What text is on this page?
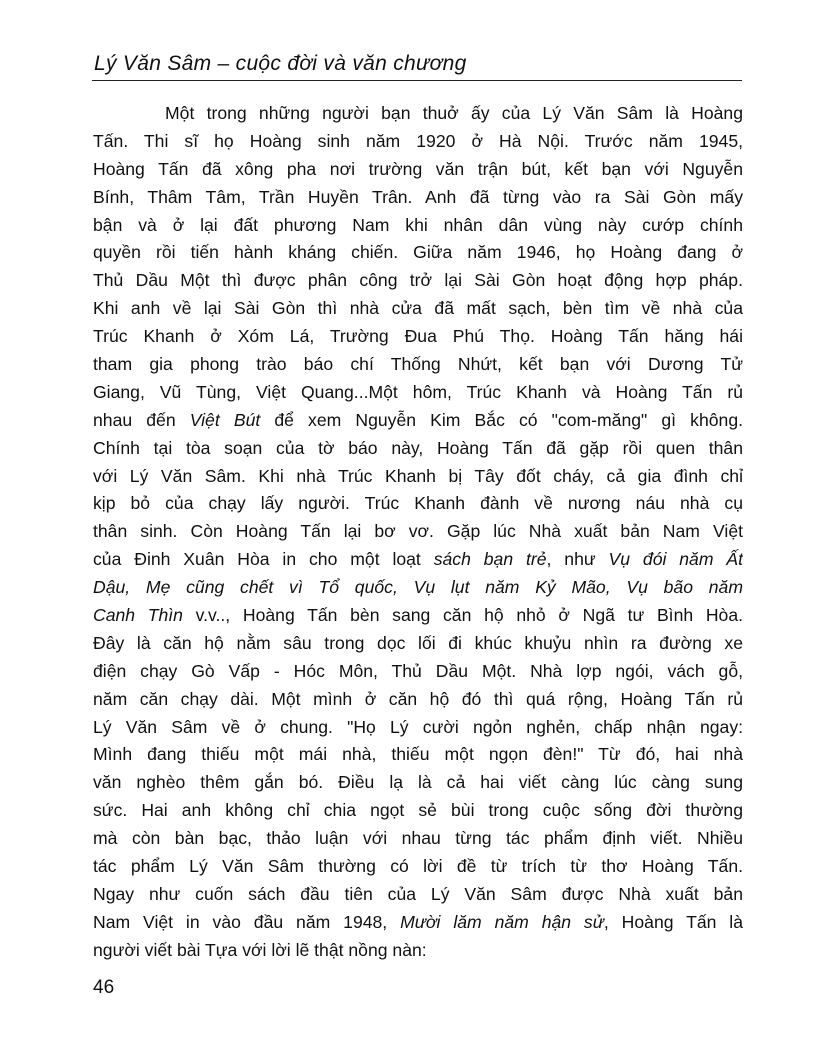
Lý Văn Sâm – cuộc đời và văn chương
Một trong những người bạn thuở ấy của Lý Văn Sâm là Hoàng
Tấn. Thi sĩ họ Hoàng sinh năm 1920 ở Hà Nội. Trước năm 1945,
Hoàng Tấn đã xông pha nơi trường văn trận bút, kết bạn với Nguyễn
Bính, Thâm Tâm, Trần Huyền Trân. Anh đã từng vào ra Sài Gòn mấy
bận và ở lại đất phương Nam khi nhân dân vùng này cướp chính
quyền rồi tiến hành kháng chiến. Giữa năm 1946, họ Hoàng đang ở
Thủ Dầu Một thì được phân công trở lại Sài Gòn hoạt động hợp pháp.
Khi anh về lại Sài Gòn thì nhà cửa đã mất sạch, bèn tìm về nhà của
Trúc Khanh ở Xóm Lá, Trường Đua Phú Thọ. Hoàng Tấn hăng hái
tham gia phong trào báo chí Thống Nhứt, kết bạn với Dương Tử
Giang, Vũ Tùng, Việt Quang...Một hôm, Trúc Khanh và Hoàng Tấn rủ
nhau đến Việt Bút để xem Nguyễn Kim Bắc có "com-măng" gì không.
Chính tại tòa soạn của tờ báo này, Hoàng Tấn đã gặp rồi quen thân
với Lý Văn Sâm. Khi nhà Trúc Khanh bị Tây đốt cháy, cả gia đình chỉ
kịp bỏ của chạy lấy người. Trúc Khanh đành về nương náu nhà cụ
thân sinh. Còn Hoàng Tấn lại bơ vơ. Gặp lúc Nhà xuất bản Nam Việt
của Đinh Xuân Hòa in cho một loạt sách bạn trẻ, như Vụ đói năm Ất
Dậu, Mẹ cũng chết vì Tổ quốc, Vụ lụt năm Kỷ Mão, Vụ bão năm
Canh Thìn v.v.., Hoàng Tấn bèn sang căn hộ nhỏ ở Ngã tư Bình Hòa.
Đây là căn hộ nằm sâu trong dọc lối đi khúc khuỷu nhìn ra đường xe
điện chạy Gò Vấp - Hóc Môn, Thủ Dầu Một. Nhà lợp ngói, vách gỗ,
năm căn chạy dài. Một mình ở căn hộ đó thì quá rộng, Hoàng Tấn rủ
Lý Văn Sâm về ở chung. "Họ Lý cười ngỏn nghẻn, chấp nhận ngay:
Mình đang thiếu một mái nhà, thiếu một ngọn đèn!" Từ đó, hai nhà
văn nghèo thêm gắn bó. Điều lạ là cả hai viết càng lúc càng sung
sức. Hai anh không chỉ chia ngọt sẻ bùi trong cuộc sống đời thường
mà còn bàn bạc, thảo luận với nhau từng tác phẩm định viết. Nhiều
tác phẩm Lý Văn Sâm thường có lời đề từ trích từ thơ Hoàng Tấn.
Ngay như cuốn sách đầu tiên của Lý Văn Sâm được Nhà xuất bản
Nam Việt in vào đầu năm 1948, Mười lăm năm hận sử, Hoàng Tấn là
người viết bài Tựa với lời lẽ thật nồng nàn:
46
